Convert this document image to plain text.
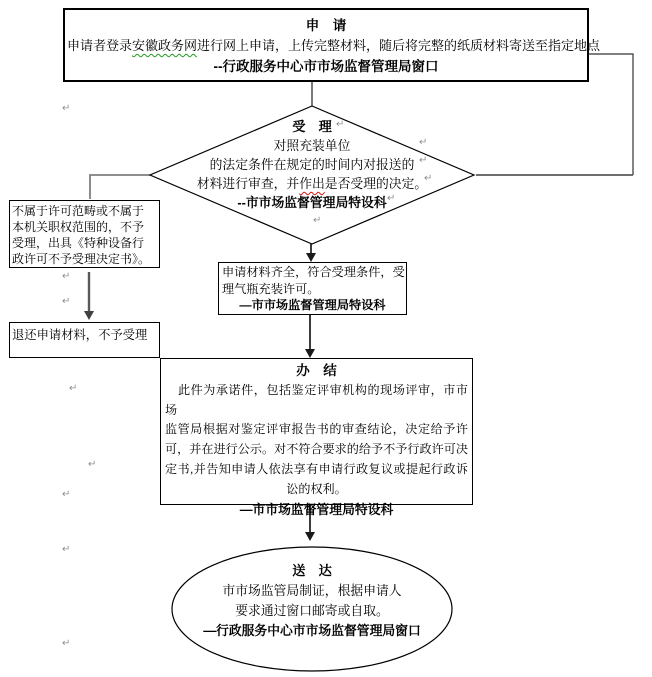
申　请
申请者登录安徽政务网进行网上申请，上传完整材料，随后将完整的纸质材料寄送至指定地点
--行政服务中心市市场监督管理局窗口
受　理
对照充装单位
的法定条件在规定的时间内对报送的
材料进行审查，并作出是否受理的决定。
--市市场监督管理局特设科
不属于许可范畴或不属于
本机关职权范围的，不予
受理，出具《特种设备行
政许可不予受理决定书》。
退还申请材料，不予受理
申请材料齐全，符合受理条件，受
理气瓶充装许可。
—市市场监督管理局特设科
办　结
此件为承诺件，包括鉴定评审机构的现场评审，市市场
监管局根据对鉴定评审报告书的审查结论，决定给予许
可，并在进行公示。对不符合要求的给予不予行政许可决
定书,并告知申请人依法享有申请行政复议或提起行政诉
讼的权利。
—市市场监督管理局特设科
送　达
市市场监管局制证，根据申请人
要求通过窗口邮寄或自取。
—行政服务中心市市场监督管理局窗口
↵
↵
↵
↵
↵
↵
↵
↵
↵
↵
↵
↵
↵
↵
